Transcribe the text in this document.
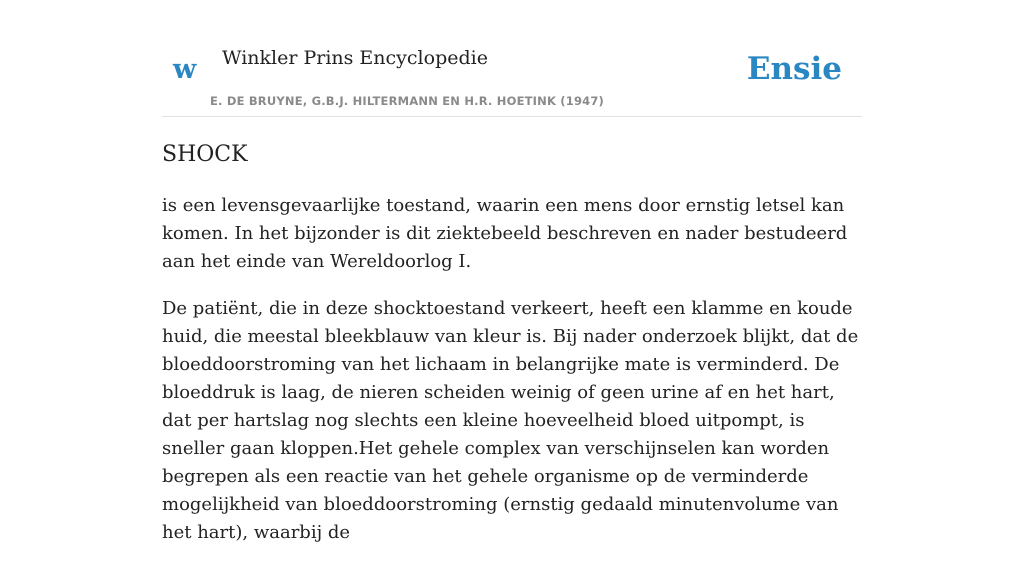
w Winkler Prins Encyclopedie
E. DE BRUYNE, G.B.J. HILTERMANN EN H.R. HOETINK (1947)
Ensie
SHOCK

is een levensgevaarlijke toestand, waarin een mens door ernstig letsel kan komen. In het bijzonder is dit ziektebeeld beschreven en nader bestudeerd aan het einde van Wereldoorlog I.

De patiënt, die in deze shocktoestand verkeert, heeft een klamme en koude huid, die meestal bleekblauw van kleur is. Bij nader onderzoek blijkt, dat de bloeddoorstroming van het lichaam in belangrijke mate is verminderd. De bloeddruk is laag, de nieren scheiden weinig of geen urine af en het hart, dat per hartslag nog slechts een kleine hoeveelheid bloed uitpompt, is sneller gaan kloppen.Het gehele complex van verschijnselen kan worden begrepen als een reactie van het gehele organisme op de verminderde mogelijkheid van bloeddoorstroming (ernstig gedaald minutenvolume van het hart), waarbij de
